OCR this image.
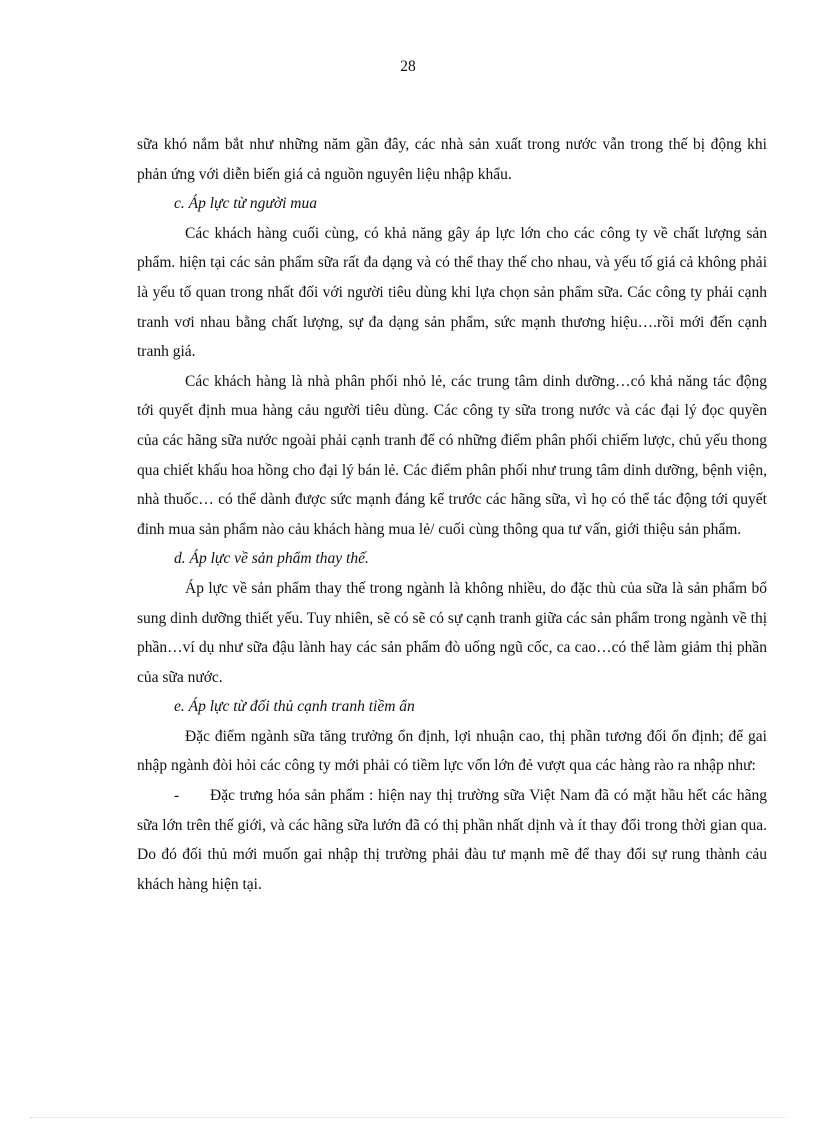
28

sữa khó nắm bắt như những năm gần đây, các nhà sản xuất trong nước vẫn trong thế bị động khi phản ứng với diễn biến giá cả nguồn nguyên liệu nhập khẩu.

c. Áp lực từ người mua

Các khách hàng cuối cùng, có khả năng gây áp lực lớn cho các công ty về chất lượng sản phẩm. hiện tại các sản phẩm sữa rất đa dạng và có thể thay thế cho nhau, và yếu tố giá cả không phải là yếu tố quan trong nhất đối với người tiêu dùng khi lựa chọn sản phẩm sữa. Các công ty phải cạnh tranh vơi nhau bằng chất lượng, sự đa dạng sản phẩm, sức mạnh thương hiệu….rồi mới đến cạnh tranh giá.

Các khách hàng là nhà phân phối nhỏ lẻ, các trung tâm dinh dưỡng…có khả năng tác động tới quyết định mua hàng cảu người tiêu dùng. Các công ty sữa trong nước và các đại lý đọc quyền của các hãng sữa nước ngoài phải cạnh tranh để có những điểm phân phối chiếm lược, chủ yếu thong qua chiết khấu hoa hồng cho đại lý bán lẻ. Các điểm phân phối như trung tâm dinh dưỡng, bệnh viện, nhà thuốc… có thể dành được sức mạnh đáng kể trước các hãng sữa, vì họ có thể tác động tới quyết đinh mua sản phẩm nào cảu khách hàng mua lẻ/ cuối cùng thông qua tư vấn, giới thiệu sản phẩm.

d. Áp lực về sản phẩm thay thế.

Áp lực về sản phẩm thay thế trong ngành là không nhiều, do đặc thù của sữa là sản phẩm bổ sung dinh dưỡng thiết yếu. Tuy nhiên, sẽ có sẽ có sự cạnh tranh giữa các sản phẩm trong ngành về thị phần…ví dụ như sữa đậu lành hay các sản phẩm đò uống ngũ cốc, ca cao…có thể làm giảm thị phần của sữa nước.

e. Áp lực từ đối thủ cạnh tranh tiềm ẩn

Đặc điểm ngành sữa tăng trưởng ổn định, lợi nhuận cao, thị phần tương đối ổn định; để gai nhập ngành đòi hỏi các công ty mới phải có tiềm lực vốn lớn đẻ vượt qua các hàng rào ra nhập như:

- Đặc trưng hóa sản phẩm : hiện nay thị trường sữa Việt Nam đã có mặt hầu hết các hãng sữa lớn trên thế giới, và các hãng sữa lướn đã có thị phần nhất dịnh và ít thay đổi trong thời gian qua. Do đó đối thủ mới muốn gai nhập thị trường phải đàu tư mạnh mẽ để thay đổi sự rung thành cảu khách hàng hiện tại.
